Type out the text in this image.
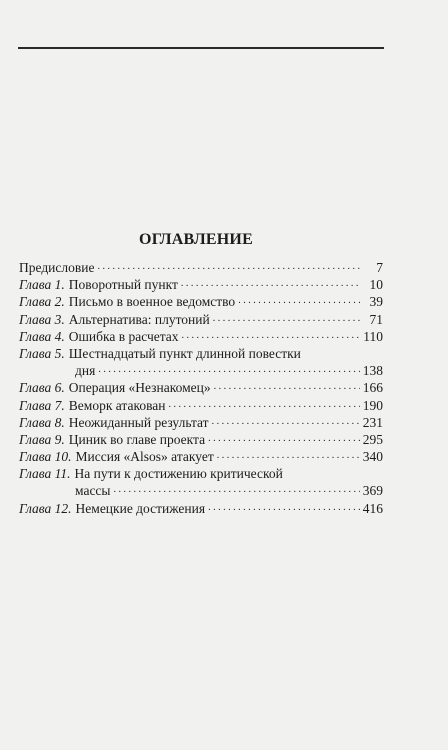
ОГЛАВЛЕНИЕ
Предисловие . . .	7
Глава 1. Поворотный пункт . . .	10
Глава 2. Письмо в военное ведомство . . .	39
Глава 3. Альтернатива: плутоний . . .	71
Глава 4. Ошибка в расчетах . . .	110
Глава 5. Шестнадцатый пункт длинной повестки
дня . . .	138
Глава 6. Операция «Незнакомец» . . .	166
Глава 7. Веморк атакован . . .	190
Глава 8. Неожиданный результат . . .	231
Глава 9. Циник во главе проекта . . .	295
Глава 10. Миссия «Alsos» атакует . . .	340
Глава 11. На пути к достижению критической
массы . . .	369
Глава 12. Немецкие достижения . . .	416
